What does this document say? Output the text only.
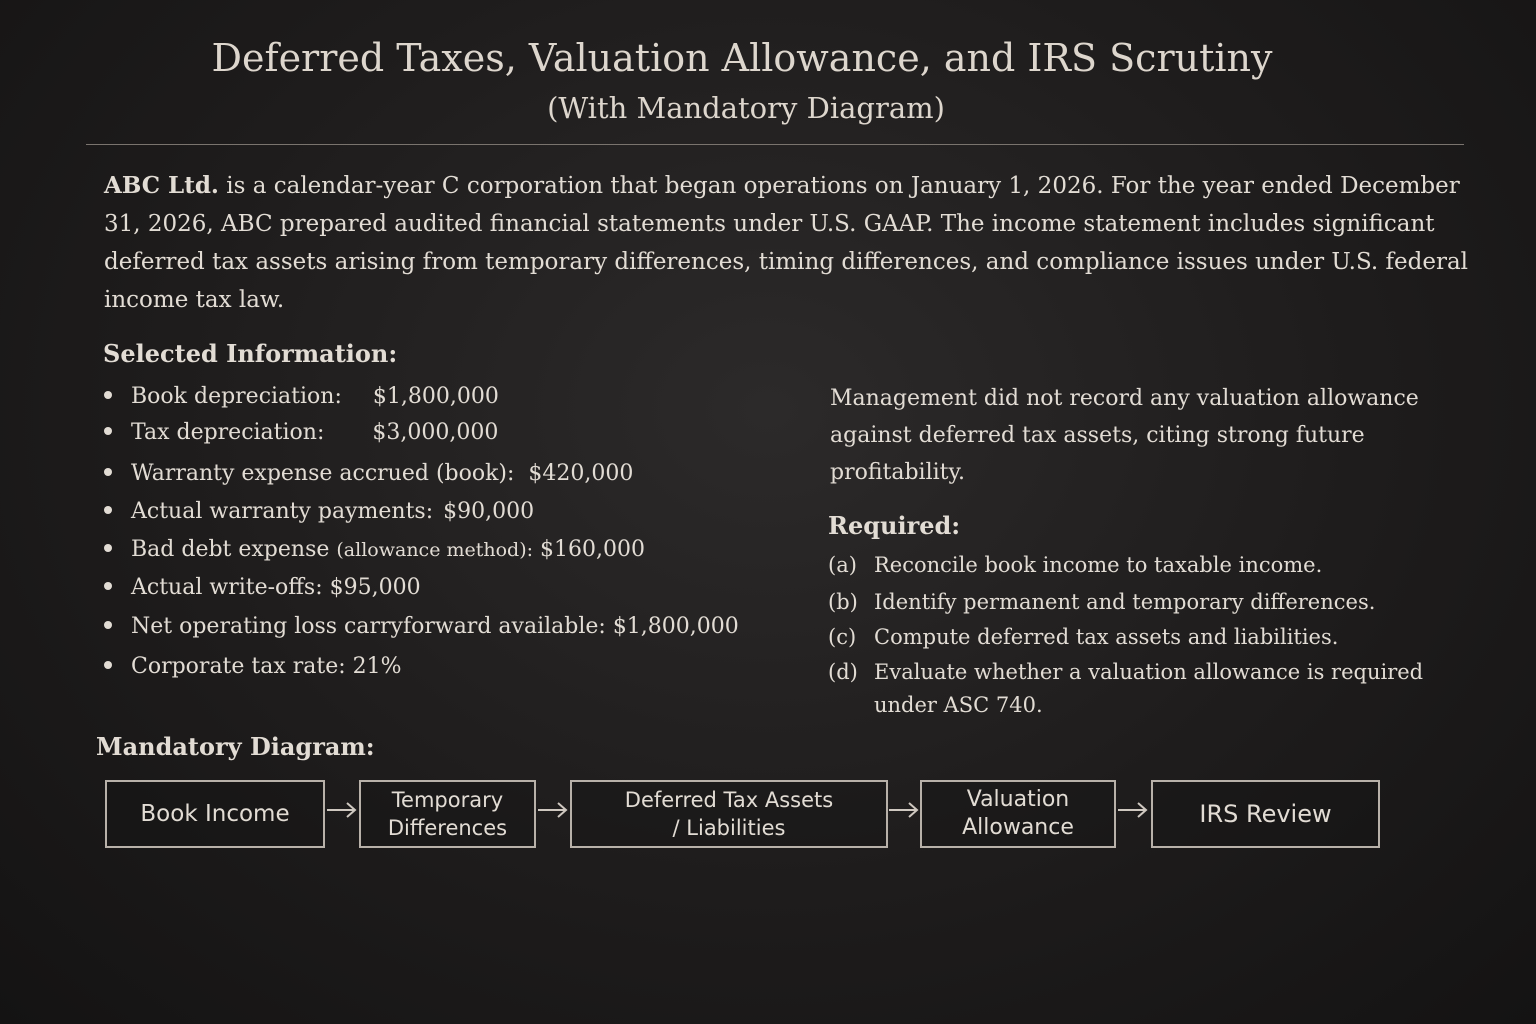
Deferred Taxes, Valuation Allowance, and IRS Scrutiny
(With Mandatory Diagram)
ABC Ltd. is a calendar-year C corporation that began operations on January 1, 2026. For the year ended December 31, 2026, ABC prepared audited financial statements under U.S. GAAP. The income statement includes significant deferred tax assets arising from temporary differences, timing differences, and compliance issues under U.S. federal income tax law.
Selected Information:
Book depreciation: $1,800,000
Tax depreciation: $3,000,000
Warranty expense accrued (book): $420,000
Actual warranty payments: $90,000
Bad debt expense (allowance method): $160,000
Actual write-offs: $95,000
Net operating loss carryforward available: $1,800,000
Corporate tax rate: 21%
Management did not record any valuation allowance against deferred tax assets, citing strong future profitability.
Required:
(a) Reconcile book income to taxable income.
(b) Identify permanent and temporary differences.
(c) Compute deferred tax assets and liabilities.
(d) Evaluate whether a valuation allowance is required
under ASC 740.
Mandatory Diagram:
Book Income
Temporary
Differences
Deferred Tax Assets
/ Liabilities
Valuation
Allowance	IRS Review
